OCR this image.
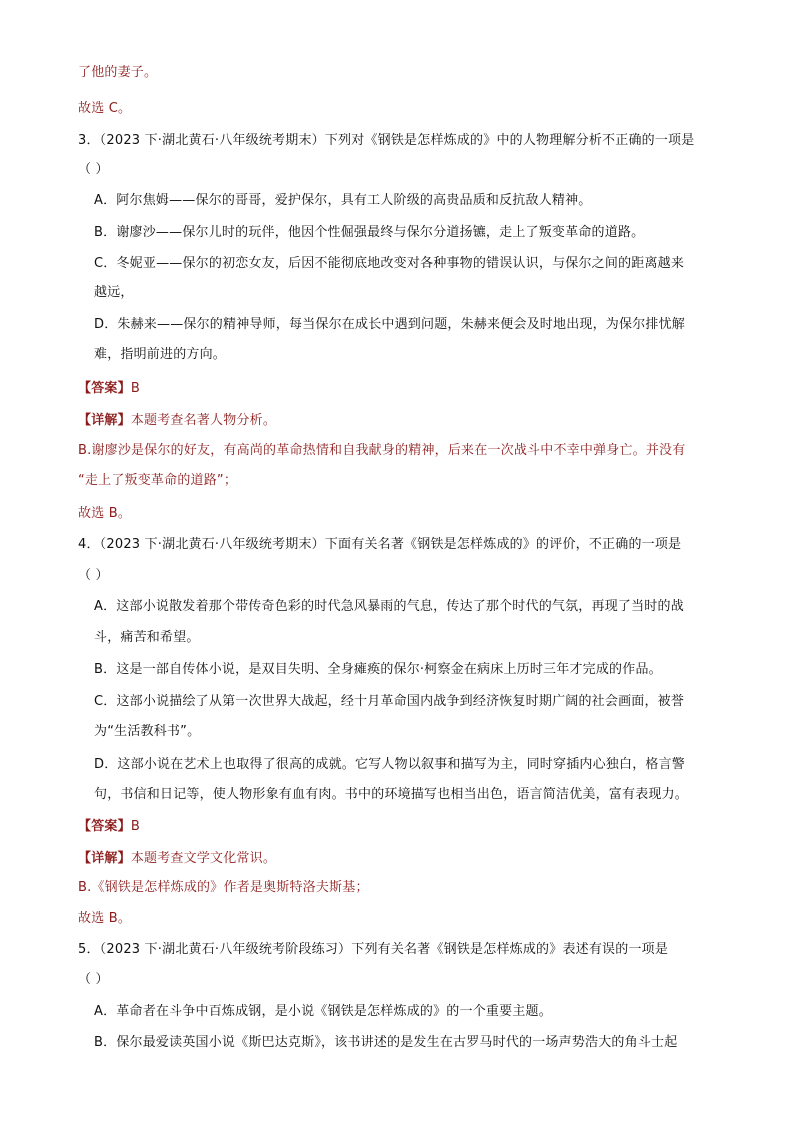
了他的妻子。
故选 C。
3．（2023 下·湖北黄石·八年级统考期末）下列对《钢铁是怎样炼成的》中的人物理解分析不正确的一项是
（ ）
A．阿尔焦姆——保尔的哥哥，爱护保尔，具有工人阶级的高贵品质和反抗敌人精神。
B．谢廖沙——保尔儿时的玩伴，他因个性倔强最终与保尔分道扬镳，走上了叛变革命的道路。
C．冬妮亚——保尔的初恋女友，后因不能彻底地改变对各种事物的错误认识，与保尔之间的距离越来
越远，
D．朱赫来——保尔的精神导师，每当保尔在成长中遇到问题，朱赫来便会及时地出现，为保尔排忧解
难，指明前进的方向。
【答案】B
【详解】本题考查名著人物分析。
B.谢廖沙是保尔的好友，有高尚的革命热情和自我献身的精神，后来在一次战斗中不幸中弹身亡。并没有
“走上了叛变革命的道路”；
故选 B。
4．（2023 下·湖北黄石·八年级统考期末）下面有关名著《钢铁是怎样炼成的》的评价，不正确的一项是
（ ）
A．这部小说散发着那个带传奇色彩的时代急风暴雨的气息，传达了那个时代的气氛，再现了当时的战
斗，痛苦和希望。
B．这是一部自传体小说，是双目失明、全身瘫痪的保尔·柯察金在病床上历时三年才完成的作品。
C．这部小说描绘了从第一次世界大战起，经十月革命国内战争到经济恢复时期广阔的社会画面，被誉
为“生活教科书”。
D．这部小说在艺术上也取得了很高的成就。它写人物以叙事和描写为主，同时穿插内心独白，格言警
句，书信和日记等，使人物形象有血有肉。书中的环境描写也相当出色，语言简洁优美，富有表现力。
【答案】B
【详解】本题考查文学文化常识。
B.《钢铁是怎样炼成的》作者是奥斯特洛夫斯基；
故选 B。
5．（2023 下·湖北黄石·八年级统考阶段练习）下列有关名著《钢铁是怎样炼成的》表述有误的一项是
（ ）
A．革命者在斗争中百炼成钢，是小说《钢铁是怎样炼成的》的一个重要主题。
B．保尔最爱读英国小说《斯巴达克斯》，该书讲述的是发生在古罗马时代的一场声势浩大的角斗士起
